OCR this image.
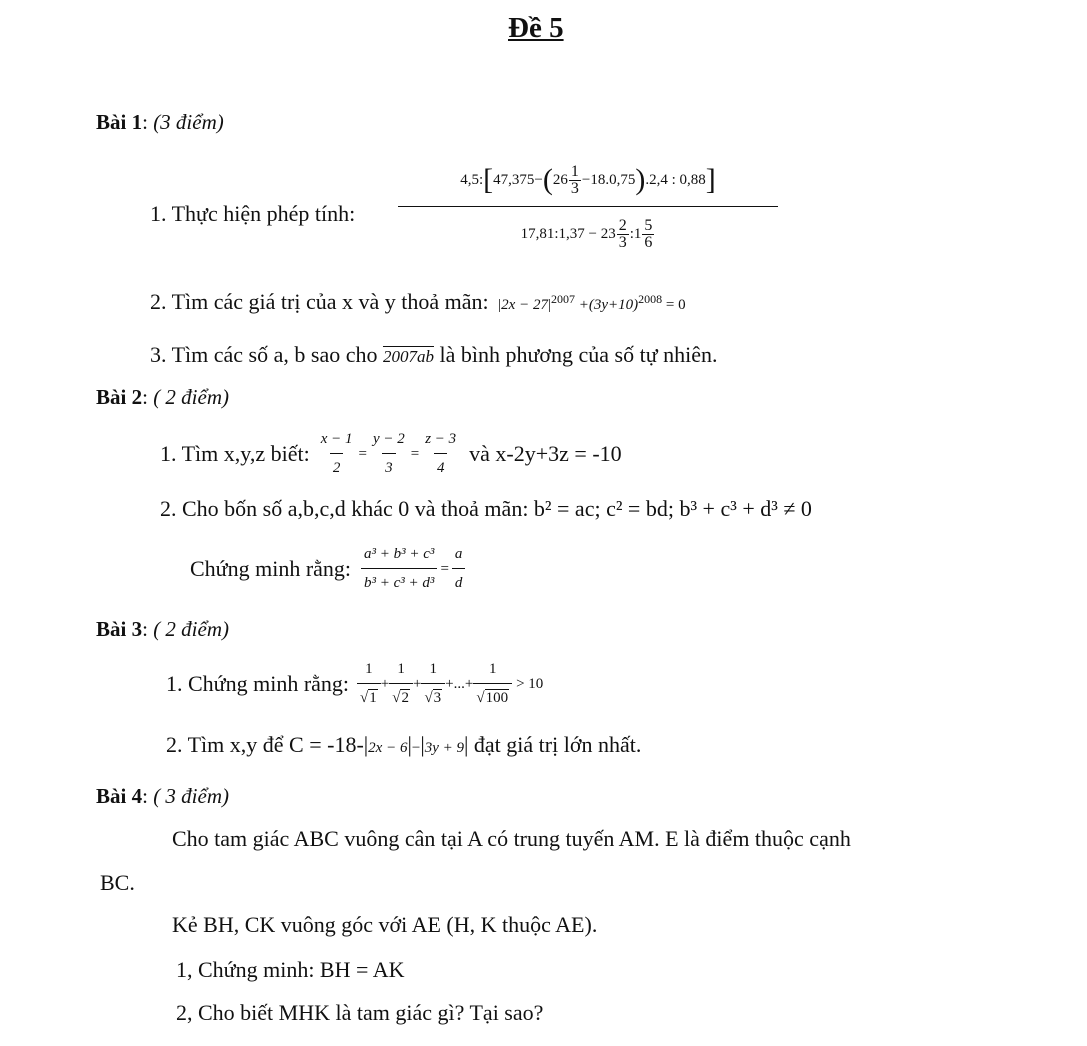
Đề 5
Bài 1: (3 điểm)
1. Thực hiện phép tính:
4,5: [ 47,375− ( $26 \frac{1}{3} -18.0,75$ ) .2,4 : 0,88 ]
17,81:1,37 − $23 \frac{2}{3}$ :1 $\frac{5}{6}$
2. Tìm các giá trị của x và y thoả mãn: $|2x - 27|^{2007} +(3y+10)^{2008} = 0$
3. Tìm các số a, b sao cho 2007ab là bình phương của số tự nhiên.
Bài 2: ( 2 điểm)
1. Tìm x,y,z biết: $\frac{x - 1}{2} = \frac{y - 2}{3} = \frac{z - 3}{4}$ và x-2y+3z = -10
2. Cho bốn số a,b,c,d khác 0 và thoả mãn: b² = ac; c² = bd; b³ + c³ + d³ ≠ 0
Chứng minh rằng: $\frac{\text{a³ + b³ + c³}}{\text{b³ + c³ + d³}} = \frac{a}{d}$
Bài 3: ( 2 điểm)
1. Chứng minh rằng: $\frac{1}{√1} + \frac{1}{√2} + \frac{1}{√3}$ +...+ $\frac{1}{√100} > 10$
2. Tìm x,y để C = -18-|2x − 6|−|3y + 9| đạt giá trị lớn nhất.
Bài 4: ( 3 điểm)
Cho tam giác ABC vuông cân tại A có trung tuyến AM. E là điểm thuộc cạnh
BC.
Kẻ BH, CK vuông góc với AE (H, K thuộc AE).
1, Chứng minh: BH = AK
2, Cho biết MHK là tam giác gì? Tại sao?
